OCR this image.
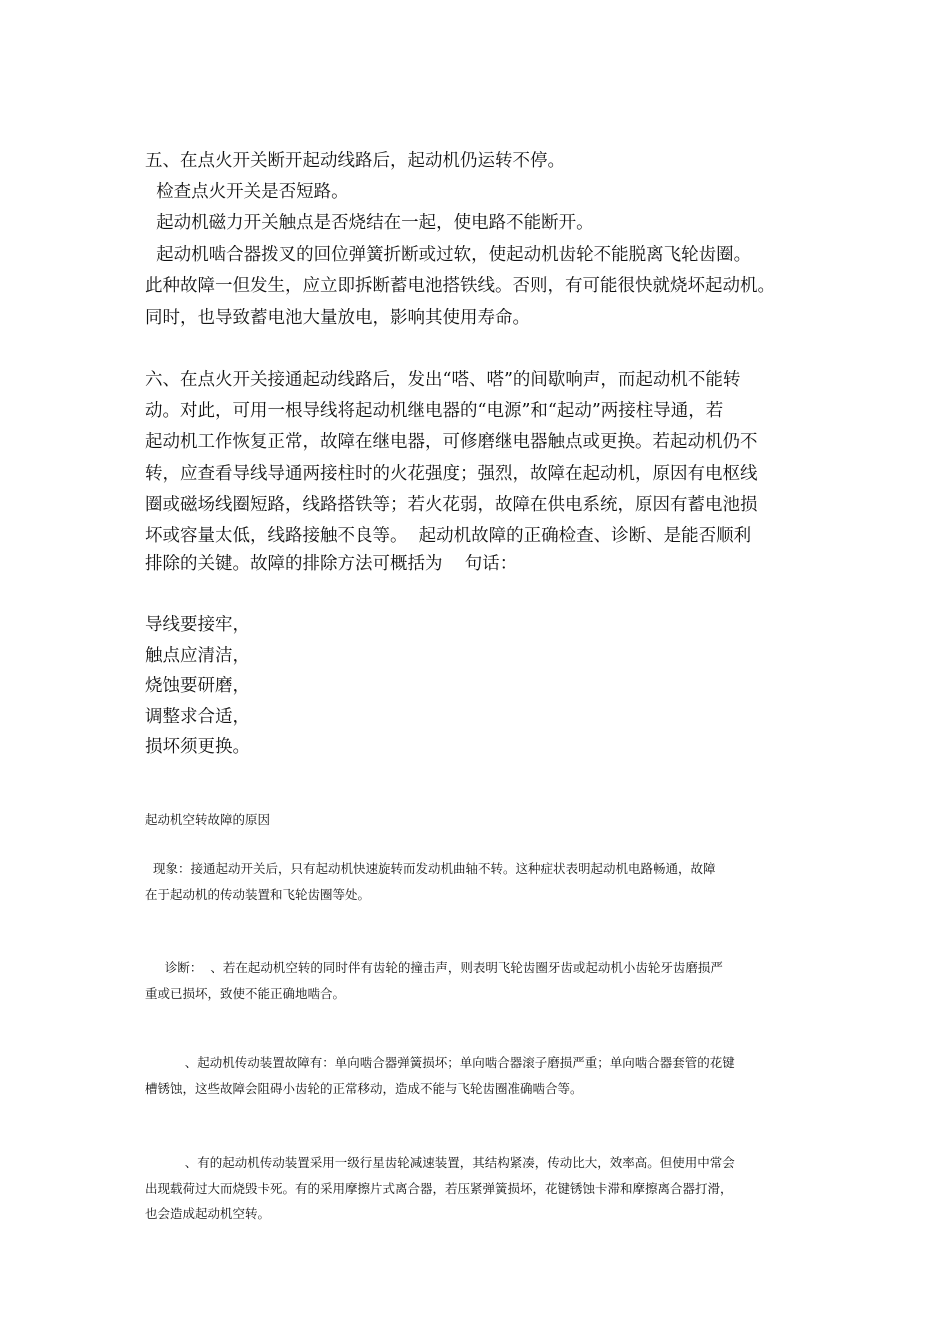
五、在点火开关断开起动线路后，起动机仍运转不停。

检查点火开关是否短路。

起动机磁力开关触点是否烧结在一起，使电路不能断开。

起动机啮合器拨叉的回位弹簧折断或过软，使起动机齿轮不能脱离飞轮齿圈。

此种故障一但发生，应立即拆断蓄电池搭铁线。否则，有可能很快就烧坏起动机。

同时，也导致蓄电池大量放电，影响其使用寿命。

六、在点火开关接通起动线路后，发出“嗒、嗒”的间歇响声，而起动机不能转

动。对此，可用一根导线将起动机继电器的“电源”和“起动”两接柱导通，若

起动机工作恢复正常，故障在继电器，可修磨继电器触点或更换。若起动机仍不

转，应查看导线导通两接柱时的火花强度；强烈，故障在起动机，原因有电枢线

圈或磁场线圈短路，线路搭铁等；若火花弱，故障在供电系统，原因有蓄电池损

坏或容量太低，线路接触不良等。  起动机故障的正确检查、诊断、是能否顺利

排除的关键。故障的排除方法可概括为    句话：

导线要接牢，

触点应清洁，

烧蚀要研磨，

调整求合适，

损坏须更换。

起动机空转故障的原因

现象：接通起动开关后，只有起动机快速旋转而发动机曲轴不转。这种症状表明起动机电路畅通，故障

在于起动机的传动装置和飞轮齿圈等处。

诊断：  、若在起动机空转的同时伴有齿轮的撞击声，则表明飞轮齿圈牙齿或起动机小齿轮牙齿磨损严

重或已损坏，致使不能正确地啮合。

、起动机传动装置故障有：单向啮合器弹簧损坏；单向啮合器滚子磨损严重；单向啮合器套管的花键

槽锈蚀，这些故障会阻碍小齿轮的正常移动，造成不能与飞轮齿圈准确啮合等。

、有的起动机传动装置采用一级行星齿轮减速装置，其结构紧凑，传动比大，效率高。但使用中常会

出现载荷过大而烧毁卡死。有的采用摩擦片式离合器，若压紧弹簧损坏，花键锈蚀卡滞和摩擦离合器打滑，

也会造成起动机空转。
